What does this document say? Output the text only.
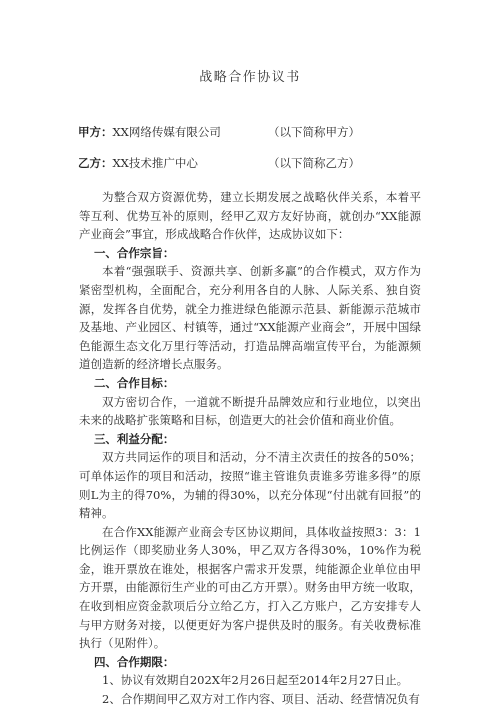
战略合作协议书
甲方：XX网络传媒有限公司	（以下简称甲方）
乙方：XX技术推广中心	（以下简称乙方）

为整合双方资源优势，建立长期发展之战略伙伴关系，本着平等互利、优势互补的原则，经甲乙双方友好协商，就创办“XX能源产业商会”事宜，形成战略合作伙伴，达成协议如下：

一、合作宗旨：

本着“强强联手、资源共享、创新多赢”的合作模式，双方作为紧密型机构，全面配合，充分利用各自的人脉、人际关系、独自资源，发挥各自优势，就全力推进绿色能源示范县、新能源示范城市及基地、产业园区、村镇等，通过“XX能源产业商会”，开展中国绿色能源生态文化万里行等活动，打造品牌高端宣传平台，为能源频道创造新的经济增长点服务。

二、合作目标：

双方密切合作，一道就不断提升品牌效应和行业地位，以突出未来的战略扩张策略和目标，创造更大的社会价值和商业价值。

三、利益分配：

双方共同运作的项目和活动，分不清主次责任的按各的50%；可单体运作的项目和活动，按照“谁主管谁负责谁多劳谁多得”的原则L为主的得70%，为辅的得30%，以充分体现“付出就有回报”的精神。

在合作XX能源产业商会专区协议期间，具体收益按照3：3：1比例运作（即奖励业务人30%，甲乙双方各得30%，10%作为税金，谁开票放在谁处，根据客户需求开发票，纯能源企业单位由甲方开票，由能源衍生产业的可由乙方开票）。财务由甲方统一收取，在收到相应资金款项后分立给乙方，打入乙方账户，乙方安排专人与甲方财务对接，以便更好为客户提供及时的服务。有关收费标准执行（见附件）。

四、合作期限：

1、协议有效期自202X年2月26日起至2014年2月27日止。

2、合作期间甲乙双方对工作内容、项目、活动、经营情况负有
